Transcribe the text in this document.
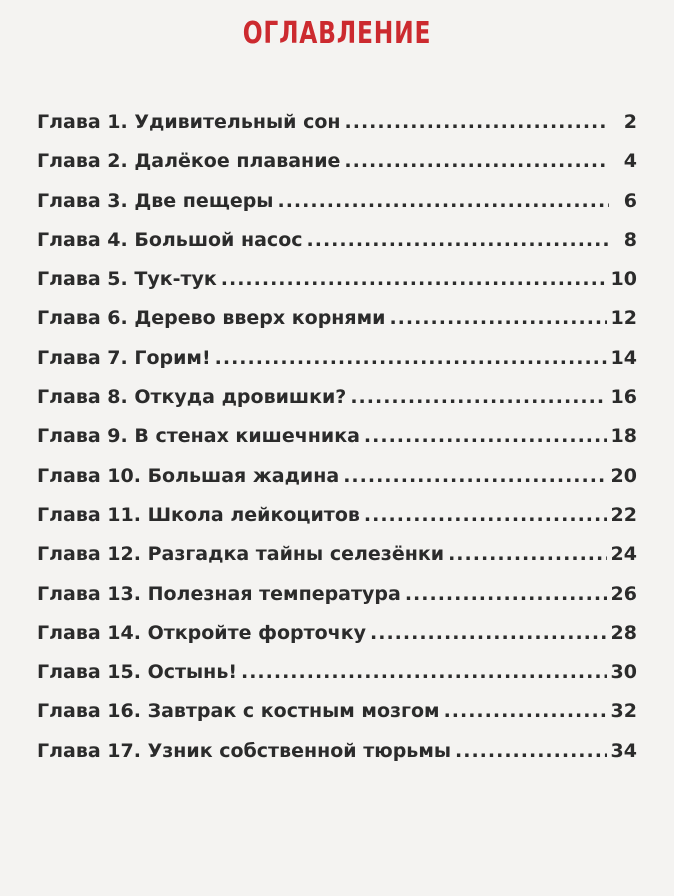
ОГЛАВЛЕНИЕ
Глава 1. Удивительный сон .....	2
Глава 2. Далёкое плавание .....	4
Глава 3. Две пещеры .....	6
Глава 4. Большой насос .....	8
Глава 5. Тук-тук .....	10
Глава 6. Дерево вверх корнями .....	12
Глава 7. Горим! .....	14
Глава 8. Откуда дровишки? .....	16
Глава 9. В стенах кишечника .....	18
Глава 10. Большая жадина .....	20
Глава 11. Школа лейкоцитов .....	22
Глава 12. Разгадка тайны селезёнки .....	24
Глава 13. Полезная температура .....	26
Глава 14. Откройте форточку .....	28
Глава 15. Остынь! .....	30
Глава 16. Завтрак с костным мозгом .....	32
Глава 17. Узник собственной тюрьмы .....	34
